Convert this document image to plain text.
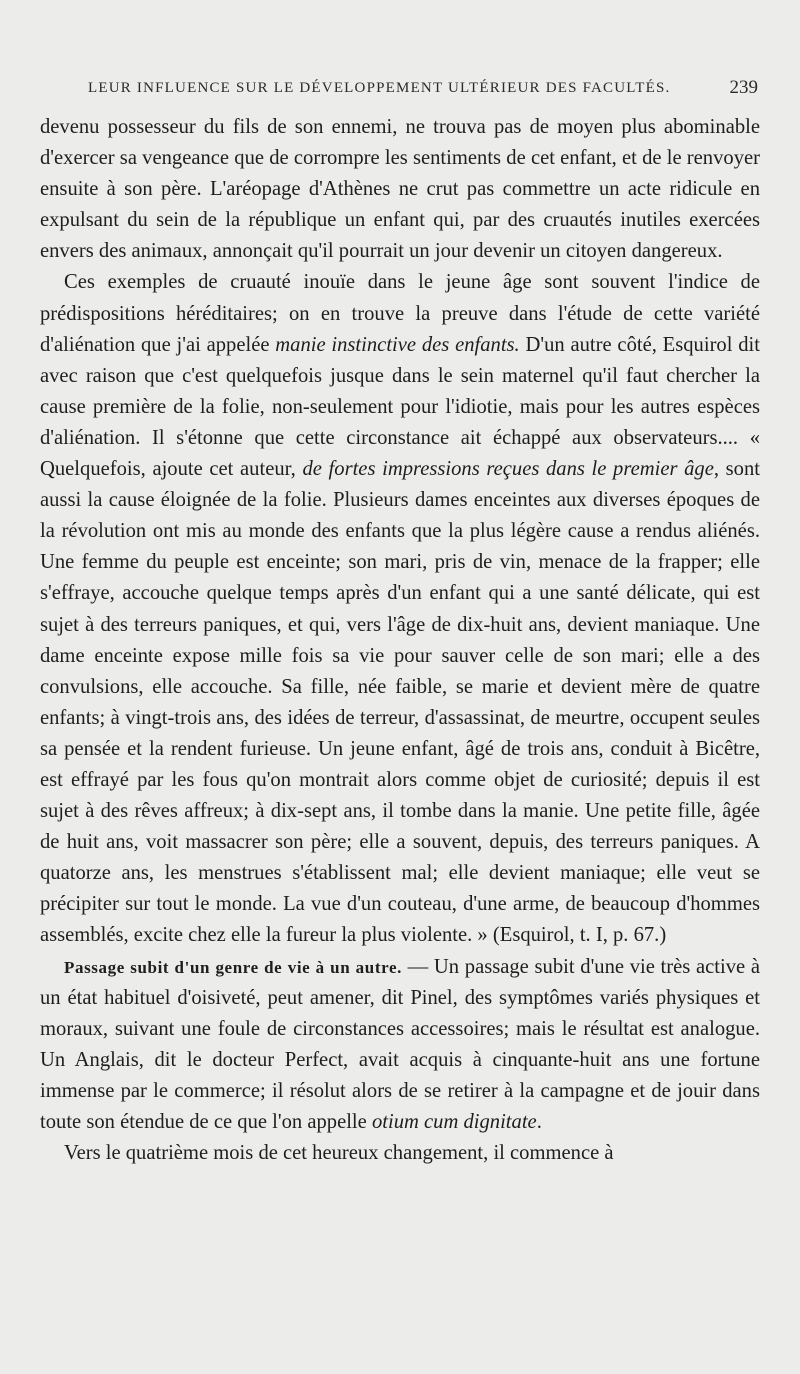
LEUR INFLUENCE SUR LE DÉVELOPPEMENT ULTÉRIEUR DES FACULTÉS.	239

devenu possesseur du fils de son ennemi, ne trouva pas de moyen plus abominable d'exercer sa vengeance que de corrompre les sentiments de cet enfant, et de le renvoyer ensuite à son père. L'aréopage d'Athènes ne crut pas commettre un acte ridicule en expulsant du sein de la république un enfant qui, par des cruautés inutiles exercées envers des animaux, annonçait qu'il pourrait un jour devenir un citoyen dangereux.

Ces exemples de cruauté inouïe dans le jeune âge sont souvent l'indice de prédispositions héréditaires; on en trouve la preuve dans l'étude de cette variété d'aliénation que j'ai appelée manie instinctive des enfants. D'un autre côté, Esquirol dit avec raison que c'est quelquefois jusque dans le sein maternel qu'il faut chercher la cause première de la folie, non-seulement pour l'idiotie, mais pour les autres espèces d'aliénation. Il s'étonne que cette circonstance ait échappé aux observateurs.... « Quelquefois, ajoute cet auteur, de fortes impressions reçues dans le premier âge, sont aussi la cause éloignée de la folie. Plusieurs dames enceintes aux diverses époques de la révolution ont mis au monde des enfants que la plus légère cause a rendus aliénés. Une femme du peuple est enceinte; son mari, pris de vin, menace de la frapper; elle s'effraye, accouche quelque temps après d'un enfant qui a une santé délicate, qui est sujet à des terreurs paniques, et qui, vers l'âge de dix-huit ans, devient maniaque. Une dame enceinte expose mille fois sa vie pour sauver celle de son mari; elle a des convulsions, elle accouche. Sa fille, née faible, se marie et devient mère de quatre enfants; à vingt-trois ans, des idées de terreur, d'assassinat, de meurtre, occupent seules sa pensée et la rendent furieuse. Un jeune enfant, âgé de trois ans, conduit à Bicêtre, est effrayé par les fous qu'on montrait alors comme objet de curiosité; depuis il est sujet à des rêves affreux; à dix-sept ans, il tombe dans la manie. Une petite fille, âgée de huit ans, voit massacrer son père; elle a souvent, depuis, des terreurs paniques. A quatorze ans, les menstrues s'établissent mal; elle devient maniaque; elle veut se précipiter sur tout le monde. La vue d'un couteau, d'une arme, de beaucoup d'hommes assemblés, excite chez elle la fureur la plus violente. » (Esquirol, t. I, p. 67.)

Passage subit d'un genre de vie à un autre. — Un passage subit d'une vie très active à un état habituel d'oisiveté, peut amener, dit Pinel, des symptômes variés physiques et moraux, suivant une foule de circonstances accessoires; mais le résultat est analogue. Un Anglais, dit le docteur Perfect, avait acquis à cinquante-huit ans une fortune immense par le commerce; il résolut alors de se retirer à la campagne et de jouir dans toute son étendue de ce que l'on appelle otium cum dignitate.

Vers le quatrième mois de cet heureux changement, il commence à
